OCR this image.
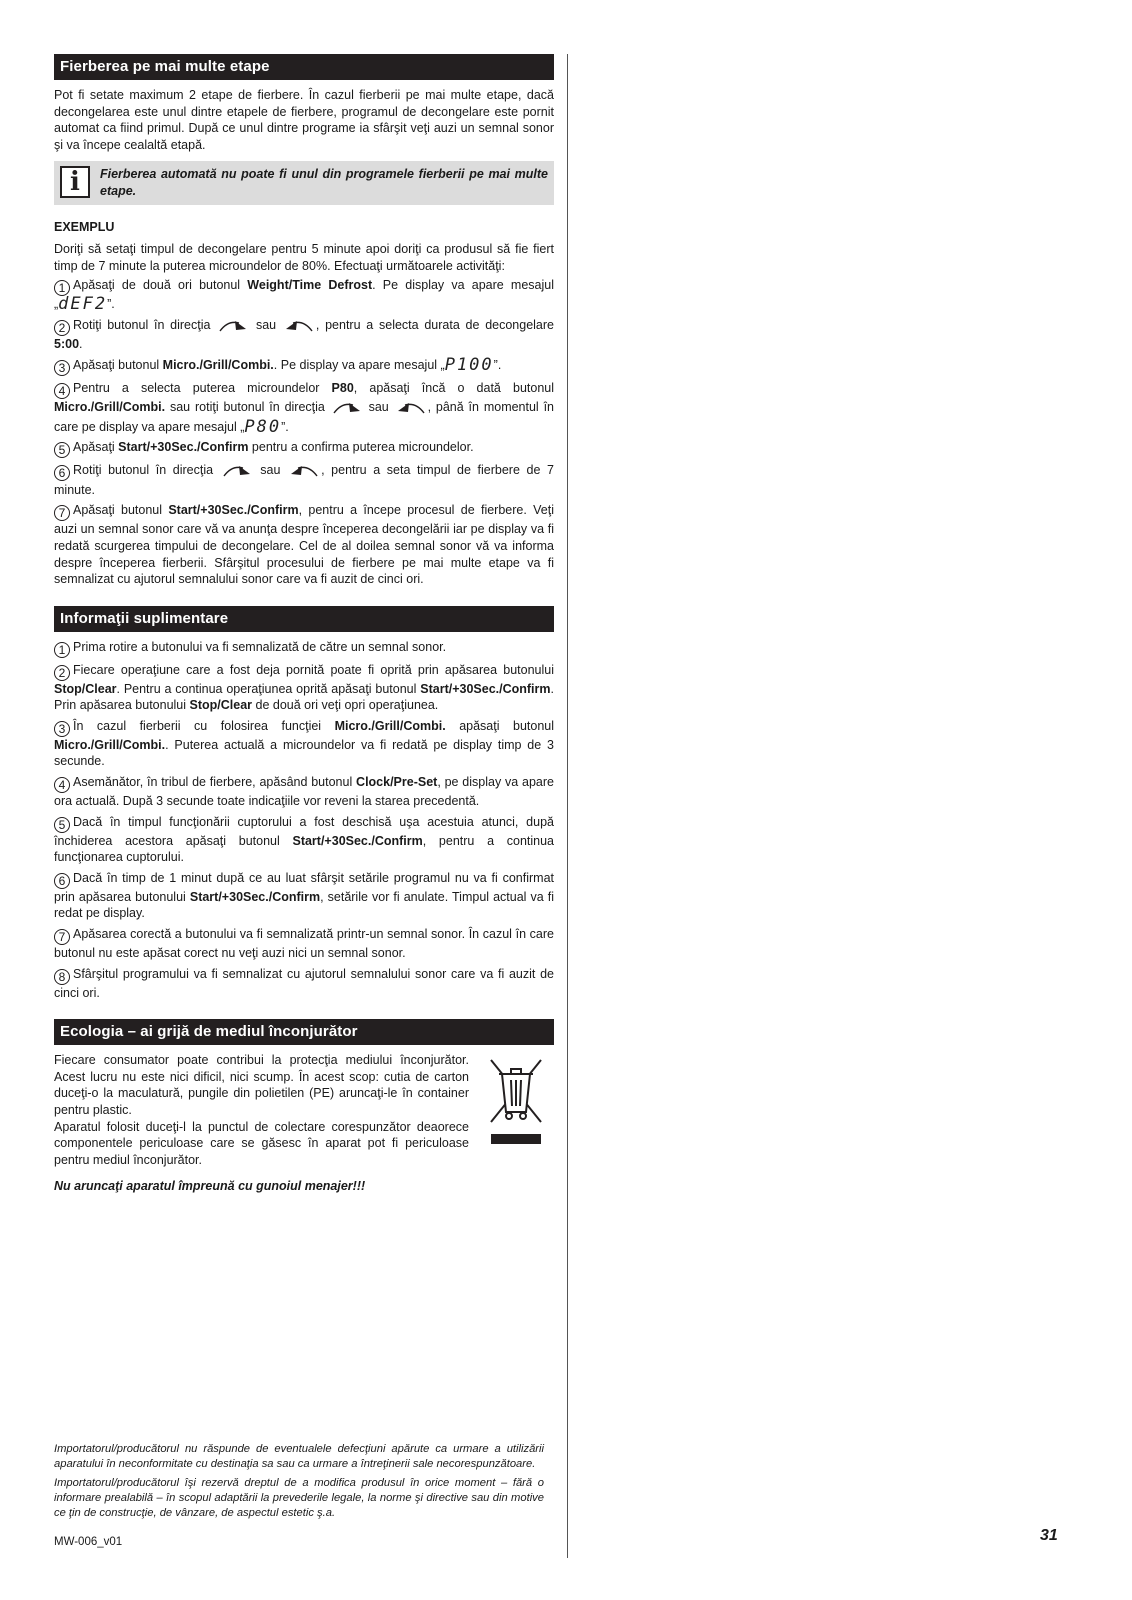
Fierberea pe mai multe etape

Pot fi setate maximum 2 etape de fierbere. În cazul fierberii pe mai multe etape, dacă decongelarea este unul dintre etapele de fierbere, programul de decongelare este pornit automat ca fiind primul. După ce unul dintre programe ia sfârşit veţi auzi un semnal sonor şi va începe cealaltă etapă.

i	Fierberea automată nu poate fi unul din programele fierberii pe mai multe etape.
EXEMPLU

Doriţi să setaţi timpul de decongelare pentru 5 minute apoi doriţi ca produsul să fie fiert timp de 7 minute la puterea microundelor de 80%. Efectuaţi următoarele activităţi:

1 Apăsaţi de două ori butonul Weight/Time Defrost. Pe display va apare mesajul „dEF2”.
2 Rotiţi butonul în direcţia	sau	, pentru a selecta durata de decongelare 5:00.
3 Apăsaţi butonul Micro./Grill/Combi.. Pe display va apare mesajul „P100”.
4 Pentru a selecta puterea microundelor P80, apăsaţi încă o dată butonul Micro./Grill/Combi. sau rotiţi butonul în direcţia	sau	, până în momentul în care pe display va apare mesajul „P80”.
5 Apăsaţi Start/+30Sec./Confirm pentru a confirma puterea microundelor.
6 Rotiţi butonul în direcţia	sau	, pentru a seta timpul de fierbere de 7 minute.
7 Apăsaţi butonul Start/+30Sec./Confirm, pentru a începe procesul de fierbere. Veţi auzi un semnal sonor care vă va anunţa despre începerea decongelării iar pe display va fi redată scurgerea timpului de decongelare. Cel de al doilea semnal sonor vă va informa despre începerea fierberii. Sfârşitul procesului de fierbere pe mai multe etape va fi semnalizat cu ajutorul semnalului sonor care va fi auzit de cinci ori.
Informaţii suplimentare
1 Prima rotire a butonului va fi semnalizată de către un semnal sonor.
2 Fiecare operaţiune care a fost deja pornită poate fi oprită prin apăsarea butonului Stop/Clear. Pentru a continua operaţiunea oprită apăsaţi butonul Start/+30Sec./Confirm. Prin apăsarea butonului Stop/Clear de două ori veţi opri operaţiunea.
3 În cazul fierberii cu folosirea funcţiei Micro./Grill/Combi. apăsaţi butonul Micro./Grill/Combi.. Puterea actuală a microundelor va fi redată pe display timp de 3 secunde.
4 Asemănător, în tribul de fierbere, apăsând butonul Clock/Pre-Set, pe display va apare ora actuală. După 3 secunde toate indicaţiile vor reveni la starea precedentă.
5 Dacă în timpul funcţionării cuptorului a fost deschisă uşa acestuia atunci, după închiderea acestora apăsaţi butonul Start/+30Sec./Confirm, pentru a continua funcţionarea cuptorului.
6 Dacă în timp de 1 minut după ce au luat sfârşit setările programul nu va fi confirmat prin apăsarea butonului Start/+30Sec./Confirm, setările vor fi anulate. Timpul actual va fi redat pe display.
7 Apăsarea corectă a butonului va fi semnalizată printr-un semnal sonor. În cazul în care butonul nu este apăsat corect nu veţi auzi nici un semnal sonor.
8 Sfârşitul programului va fi semnalizat cu ajutorul semnalului sonor care va fi auzit de cinci ori.
Ecologia – ai grijă de mediul înconjurător

Fiecare consumator poate contribui la protecţia mediului înconjurător. Acest lucru nu este nici dificil, nici scump. În acest scop: cutia de carton duceţi-o la maculatură, pungile din polietilen (PE) aruncaţi-le în container pentru plastic.

Aparatul folosit duceţi-l la punctul de colectare corespunzător deaorece componentele periculoase care se găsesc în aparat pot fi periculoase pentru mediul înconjurător.

Nu aruncaţi aparatul împreună cu gunoiul menajer!!!

Importatorul/producătorul nu răspunde de eventualele defecţiuni apărute ca urmare a utilizării aparatului în neconformitate cu destinaţia sa sau ca urmare a întreţinerii sale necorespunzătoare.

Importatorul/producătorul îşi rezervă dreptul de a modifica produsul în orice moment – fără o informare prealabilă – în scopul adaptării la prevederile legale, la norme şi directive sau din motive ce ţin de construcţie, de vânzare, de aspectul estetic ş.a.

MW-006_v01	31
